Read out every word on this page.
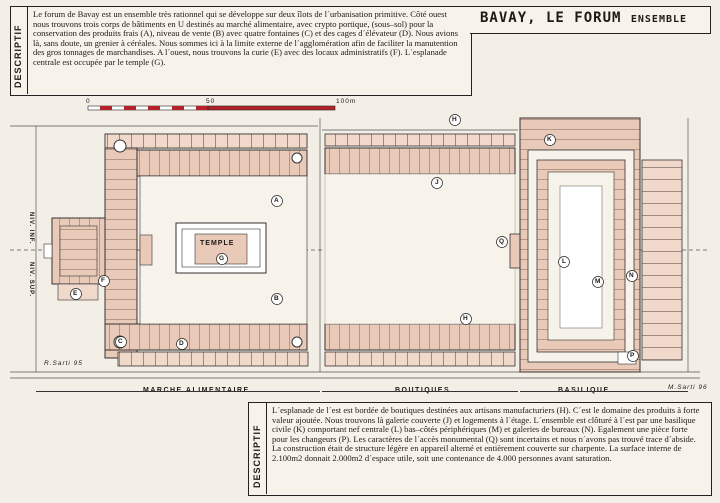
DESCRIPTIF
Le forum de Bavay est un ensemble très rationnel qui se développe sur deux îlots de l´urbanisation primitive. Côté ouest nous trouvons trois corps de bâtiments en U destinés au marché alimentaire, avec crypto portique, (sous–sol) pour la conservation des produits frais (A), niveau de vente (B) avec quatre fontaines (C) et des cages d´élévateur (D). Nous avions là, sans doute, un grenier à céréales. Nous sommes ici à la limite externe de l´agglomération afin de faciliter la manutention des gros tonnages de marchandises. A l´ouest, nous trouvons la curie (E) avec des locaux administratifs (F). L´esplanade centrale est occupée par le temple (G).
BAVAY, LE FORUM ENSEMBLE
A
B
C	D
E
F
G
H
H
J
K
L
M
N
P
Q
TEMPLE
0	50	100m
NIV. INF.
NIV. SUP.
R.Sarti 95
M.Sarti 96
DESCRIPTIF
L´esplanade de l´est est bordée de boutiques destinées aux artisans manufacturiers (H). C´est le domaine des produits à forte valeur ajoutée. Nous trouvons là galerie couverte (J) et logements à l´étage. L´ensemble est clôturé à l´est par une basilique civile (K) comportant nef centrale (L) bas–côtés périphériques (M) et galeries de bureaux (N). Egalement une pièce forte pour les changeurs (P). Les caractères de l´accès monumental (Q) sont incertains et nous n´avons pas trouvé trace d´abside. La construction était de structure légère en appareil alterné et entièrement couverte sur charpente. La surface interne de 2.100m2 donnait 2.000m2 d´espace utile, soit une contenance de 4.000 personnes avant saturation.
